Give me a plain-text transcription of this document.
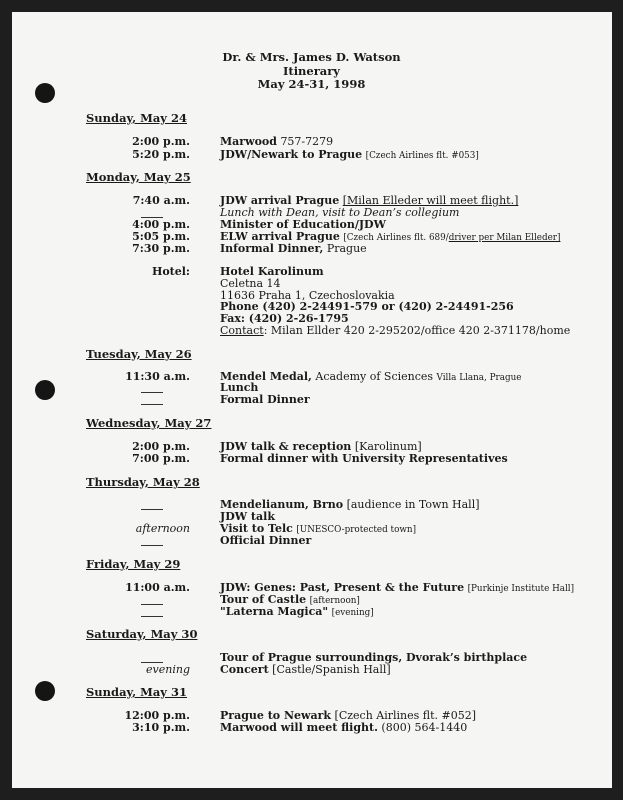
Dr. & Mrs. James D. Watson
Itinerary
May 24-31, 1998
Sunday, May 24
2:00 p.m.	Marwood 757-7279
5:20 p.m.	JDW/Newark to Prague [Czech Airlines flt. #053]
Monday, May 25
7:40 a.m.	JDW arrival Prague [Milan Elleder will meet flight.]
Lunch with Dean, visit to Dean’s collegium
4:00 p.m.	Minister of Education/JDW
5:05 p.m.	ELW arrival Prague [Czech Airlines flt. 689/driver per Milan Elleder]
7:30 p.m.	Informal Dinner, Prague
Hotel:	Hotel Karolinum
Celetna 14
11636 Praha 1, Czechoslovakia
Phone (420) 2-24491-579 or (420) 2-24491-256
Fax: (420) 2-26-1795
Contact: Milan Ellder 420 2-295202/office 420 2-371178/home
Tuesday, May 26
11:30 a.m.	Mendel Medal, Academy of Sciences Villa Llana, Prague
Lunch
Formal Dinner
Wednesday, May 27
2:00 p.m.	JDW talk & reception [Karolinum]
7:00 p.m.	Formal dinner with University Representatives
Thursday, May 28
Mendelianum, Brno [audience in Town Hall]
JDW talk
afternoon	Visit to Telc [UNESCO-protected town]
Official Dinner
Friday, May 29
11:00 a.m.	JDW: Genes: Past, Present & the Future [Purkinje Institute Hall]
Tour of Castle [afternoon]
"Laterna Magica" [evening]
Saturday, May 30
Tour of Prague surroundings, Dvorak’s birthplace
evening	Concert [Castle/Spanish Hall]
Sunday, May 31
12:00 p.m.	Prague to Newark [Czech Airlines flt. #052]
3:10 p.m.	Marwood will meet flight. (800) 564-1440
